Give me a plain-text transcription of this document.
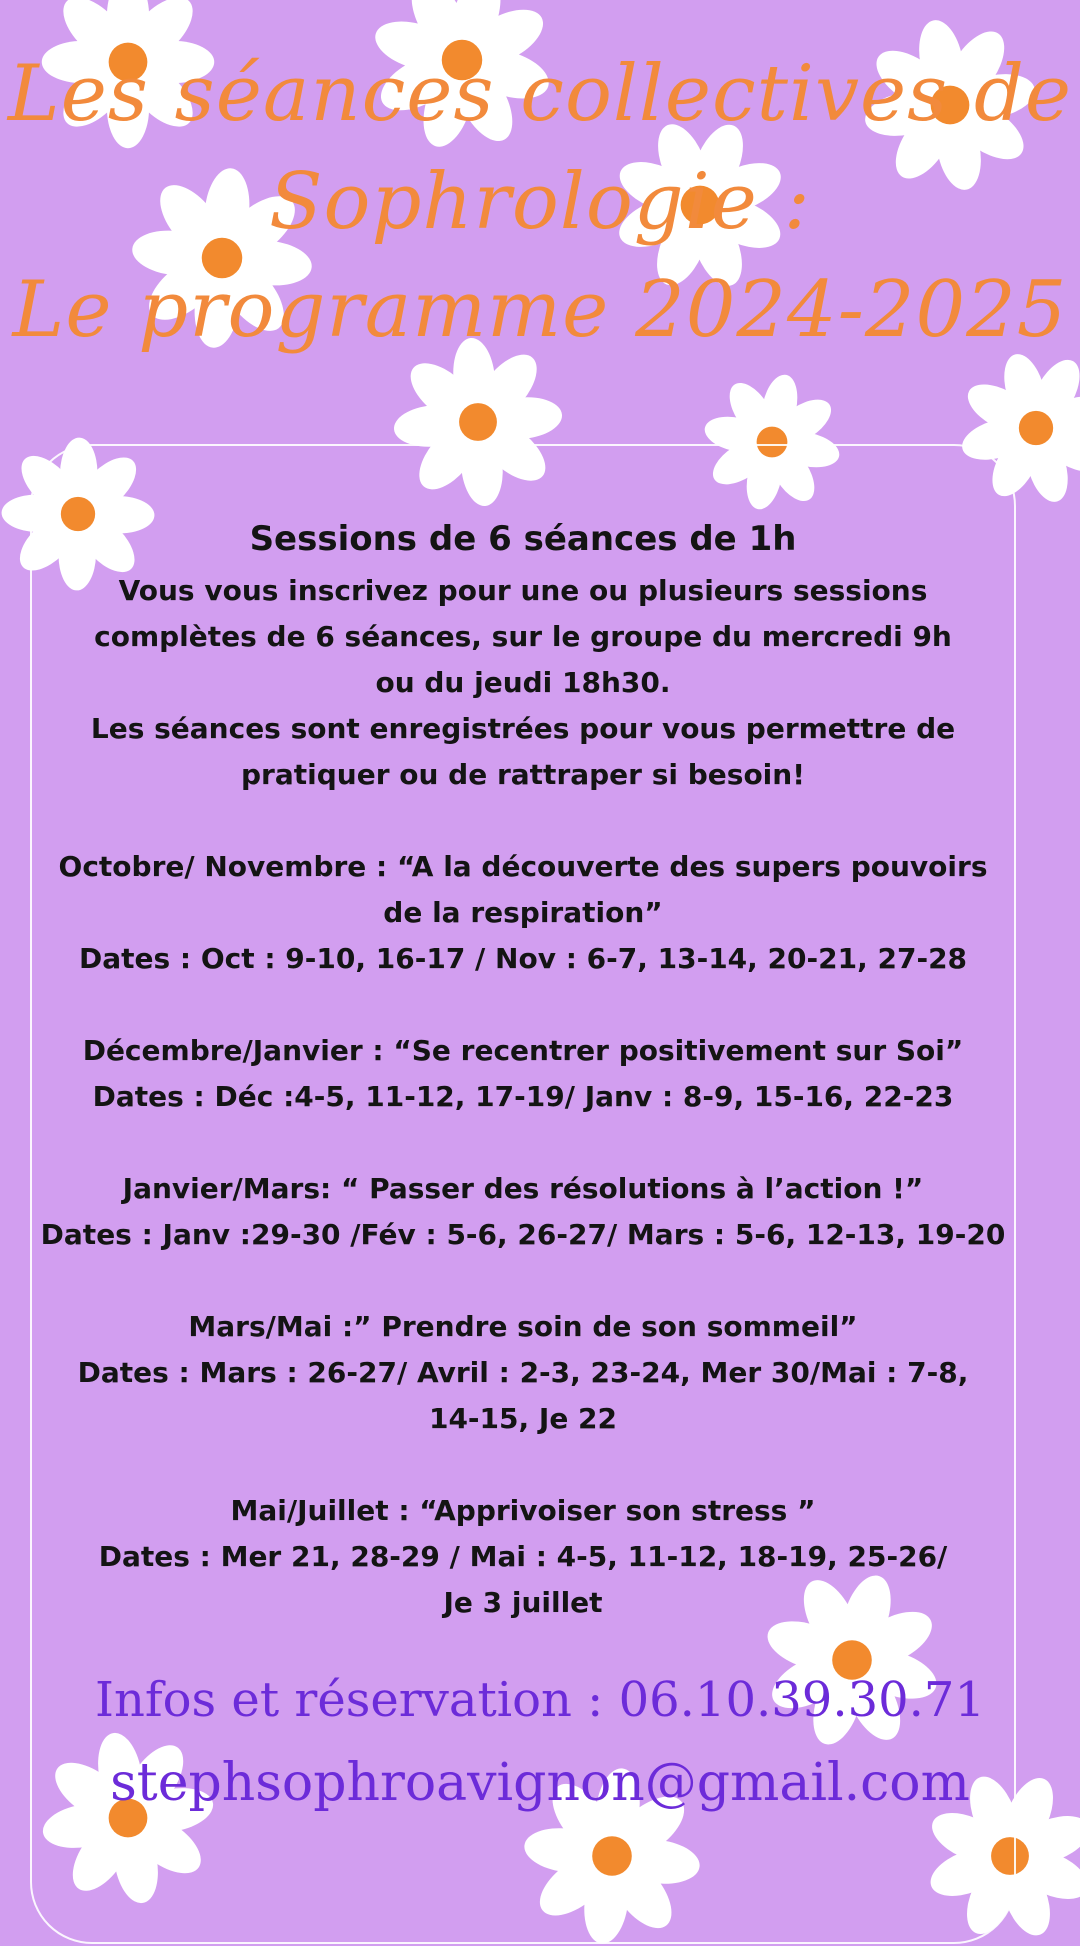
Les séances collectives de
Sophrologie :
Le programme 2024-2025
Sessions de 6 séances de 1h

Vous vous inscrivez pour une ou plusieurs sessions

complètes de 6 séances, sur le groupe du mercredi 9h

ou du jeudi 18h30.

Les séances sont enregistrées pour vous permettre de

pratiquer ou de rattraper si besoin!

Octobre/ Novembre : “A la découverte des supers pouvoirs

de la respiration”

Dates : Oct : 9-10, 16-17 / Nov : 6-7, 13-14, 20-21, 27-28

Décembre/Janvier : “Se recentrer positivement sur Soi”

Dates : Déc :4-5, 11-12, 17-19/ Janv : 8-9, 15-16, 22-23

Janvier/Mars: “ Passer des résolutions à l’action !”

Dates : Janv :29-30 /Fév : 5-6, 26-27/ Mars : 5-6, 12-13, 19-20

Mars/Mai :” Prendre soin de son sommeil”

Dates : Mars : 26-27/ Avril : 2-3, 23-24, Mer 30/Mai : 7-8,

14-15, Je 22

Mai/Juillet : “Apprivoiser son stress ”

Dates : Mer 21, 28-29 / Mai : 4-5, 11-12, 18-19, 25-26/

Je 3 juillet

Infos et réservation : 06.10.39.30.71
stephsophroavignon@gmail.com
